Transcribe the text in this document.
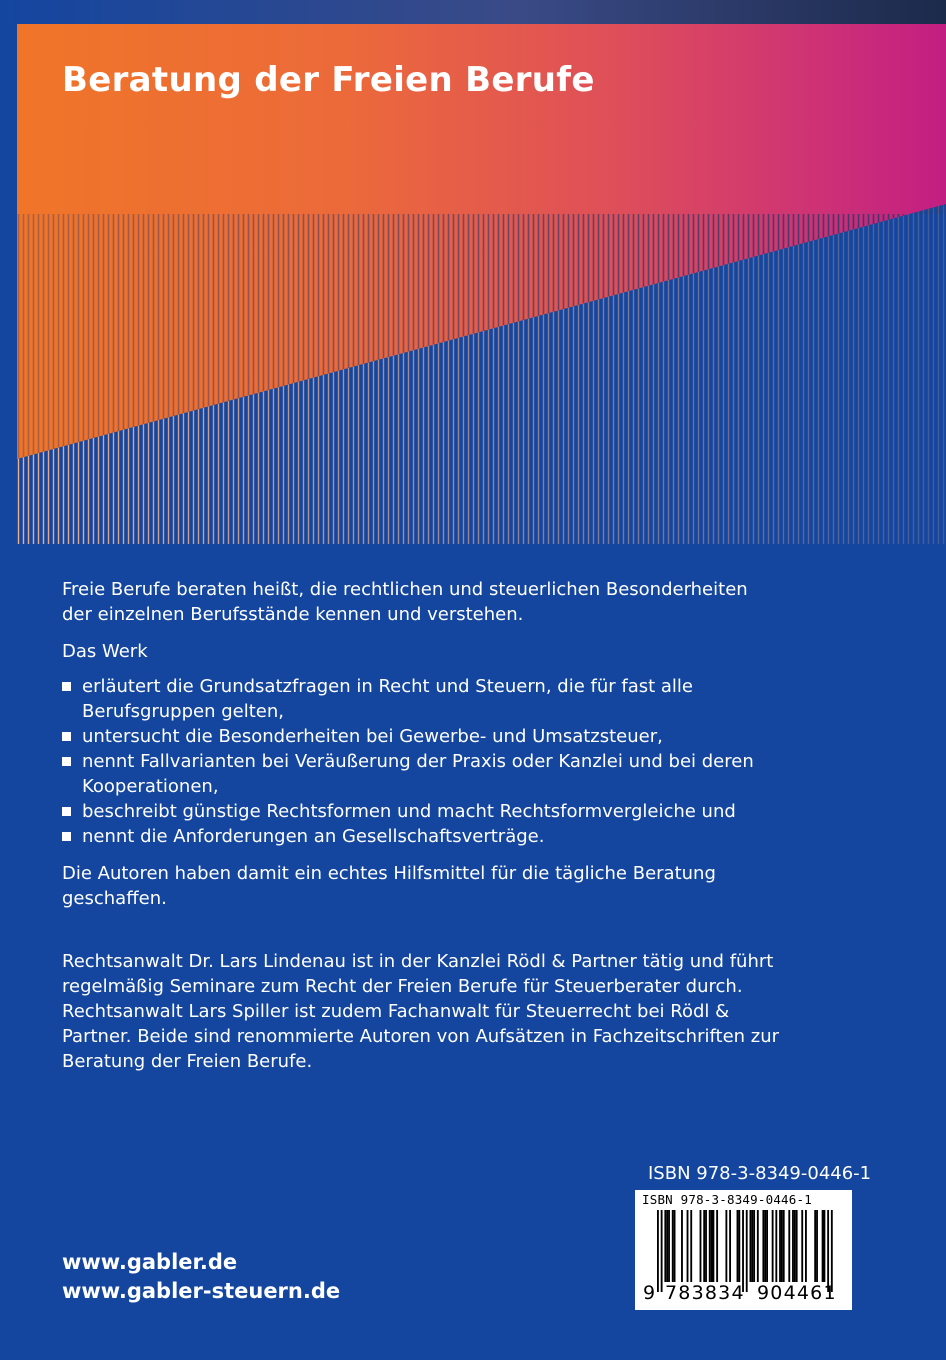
Beratung der Freien Berufe

Freie Berufe beraten heißt, die rechtlichen und steuerlichen Besonderheiten der einzelnen Berufsstände kennen und verstehen.

Das Werk

erläutert die Grundsatzfragen in Recht und Steuern, die für fast alle Berufsgruppen gelten,
untersucht die Besonderheiten bei Gewerbe- und Umsatzsteuer,
nennt Fallvarianten bei Veräußerung der Praxis oder Kanzlei und bei deren Kooperationen,
beschreibt günstige Rechtsformen und macht Rechtsformvergleiche und
nennt die Anforderungen an Gesellschaftsverträge.

Die Autoren haben damit ein echtes Hilfsmittel für die tägliche Beratung geschaffen.

Rechtsanwalt Dr. Lars Lindenau ist in der Kanzlei Rödl & Partner tätig und führt regelmäßig Seminare zum Recht der Freien Berufe für Steuerberater durch. Rechtsanwalt Lars Spiller ist zudem Fachanwalt für Steuerrecht bei Rödl & Partner. Beide sind renommierte Autoren von Aufsätzen in Fachzeitschriften zur Beratung der Freien Berufe.

www.gabler.de
www.gabler-steuern.de
ISBN 978-3-8349-0446-1
ISBN 978-3-8349-0446-1
9 783834 904461
